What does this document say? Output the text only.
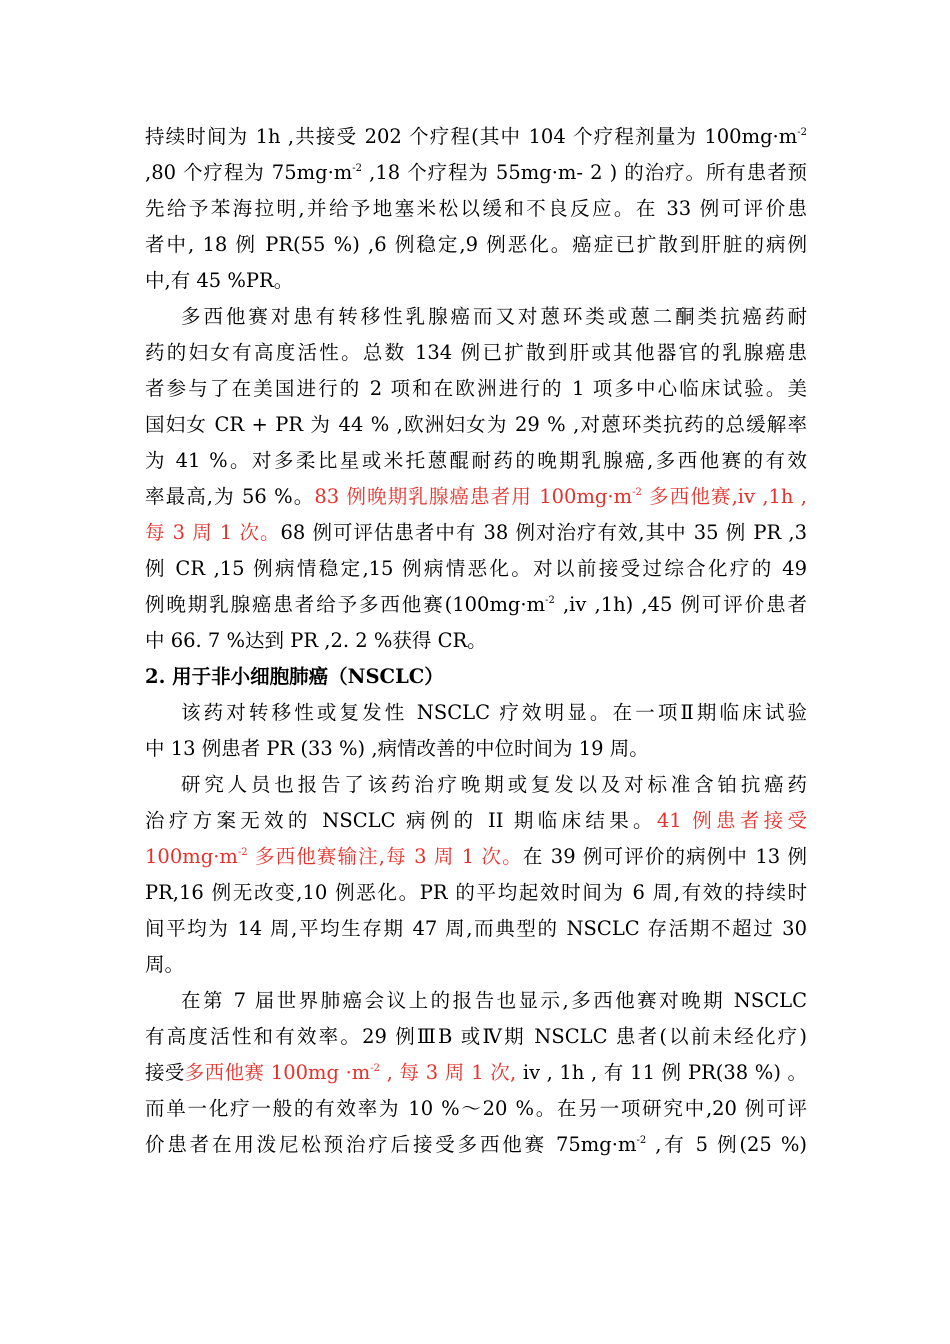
持续时间为 1h ,共接受 202 个疗程(其中 104 个疗程剂量为 $100mg\cdot m^{-2}$
,80 个疗程为 $75mg\cdot m^{-2}$ ,18 个疗程为 55mg·m- 2 ) 的治疗。所有患者预
先给予苯海拉明,并给予地塞米松以缓和不良反应。在 33 例可评价患
者中, 18 例 PR(55 %) ,6 例稳定,9 例恶化。癌症已扩散到肝脏的病例
中,有 45 %PR。
多西他赛对患有转移性乳腺癌而又对蒽环类或蒽二酮类抗癌药耐
药的妇女有高度活性。总数 134 例已扩散到肝或其他器官的乳腺癌患
者参与了在美国进行的 2 项和在欧洲进行的 1 项多中心临床试验。美
国妇女 CR + PR 为 44 % ,欧洲妇女为 29 % ,对蒽环类抗药的总缓解率
为 41 %。对多柔比星或米托蒽醌耐药的晚期乳腺癌,多西他赛的有效
率最高,为 56 %。83 例晚期乳腺癌患者用 $100mg\cdot m^{-2}$ 多西他赛,iv ,1h ,
每 3 周 1 次。68 例可评估患者中有 38 例对治疗有效,其中 35 例 PR ,3
例 CR ,15 例病情稳定,15 例病情恶化。对以前接受过综合化疗的 49
例晚期乳腺癌患者给予多西他赛($100mg\cdot m^{-2}$ ,iv ,1h) ,45 例可评价患者
中 66. 7 %达到 PR ,2. 2 %获得 CR。
2. 用于非小细胞肺癌（NSCLC）
该药对转移性或复发性 NSCLC 疗效明显。在一项Ⅱ期临床试验
中 13 例患者 PR (33 %) ,病情改善的中位时间为 19 周。
研究人员也报告了该药治疗晚期或复发以及对标准含铂抗癌药
治疗方案无效的 NSCLC 病例的 II 期临床结果。41 例患者接受
$100mg\cdot m^{-2}$ 多西他赛输注,每 3 周 1 次。在 39 例可评价的病例中 13 例
PR,16 例无改变,10 例恶化。PR 的平均起效时间为 6 周,有效的持续时
间平均为 14 周,平均生存期 47 周,而典型的 NSCLC 存活期不超过 30
周。
在第 7 届世界肺癌会议上的报告也显示,多西他赛对晚期 NSCLC
有高度活性和有效率。29 例ⅢB 或Ⅳ期 NSCLC 患者(以前未经化疗)
接受多西他赛 $100mg \cdot m^{-2}$ , 每 3 周 1 次, iv , 1h , 有 11 例 PR(38 %) 。
而单一化疗一般的有效率为 10 %～20 %。在另一项研究中,20 例可评
价患者在用泼尼松预治疗后接受多西他赛 $75mg\cdot m^{-2}$ ,有 5 例(25 %)
